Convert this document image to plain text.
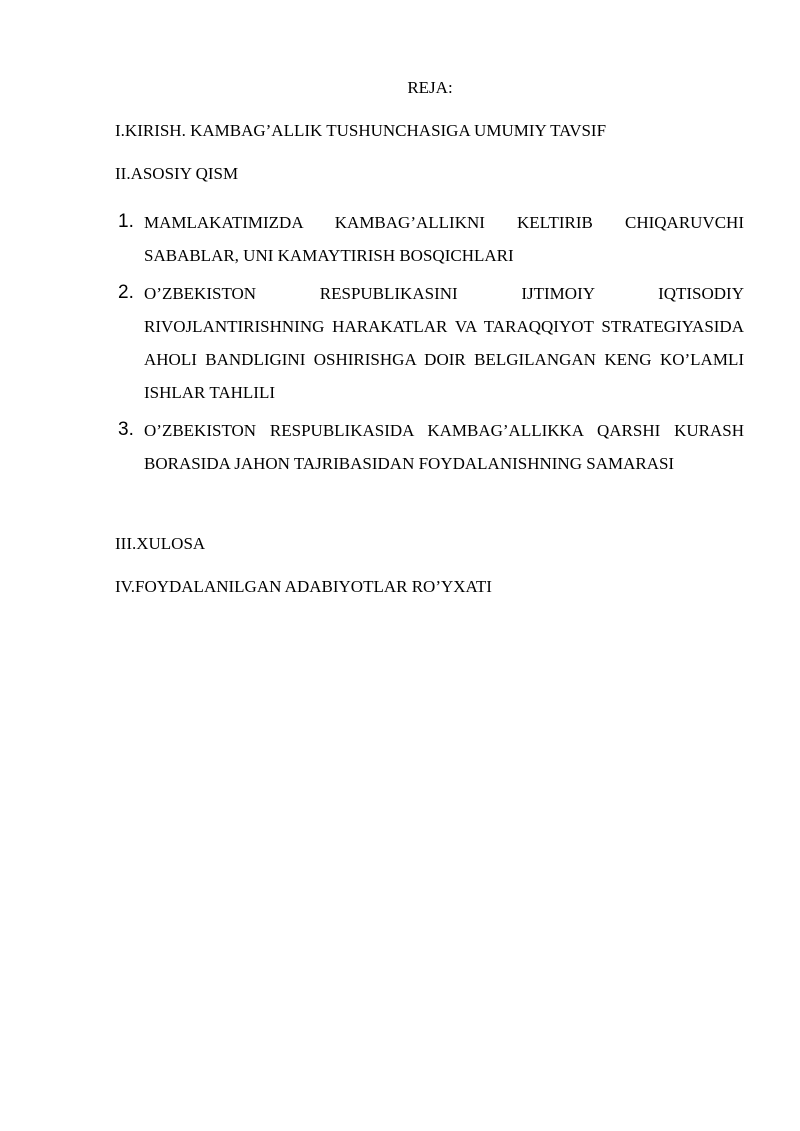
REJA:
I.KIRISH. KAMBAG’ALLIK TUSHUNCHASIGA UMUMIY TAVSIF
II.ASOSIY QISM
1. MAMLAKATIMIZDA KAMBAG’ALLIKNI KELTIRIB CHIQARUVCHI SABABLAR, UNI KAMAYTIRISH BOSQICHLARI
2. O’ZBEKISTON RESPUBLIKASINI IJTIMOIY IQTISODIY RIVOJLANTIRISHNING HARAKATLAR VA TARAQQIYOT STRATEGIYASIDA AHOLI BANDLIGINI OSHIRISHGA DOIR BELGILANGAN KENG KO’LAMLI ISHLAR TAHLILI
3. O’ZBEKISTON RESPUBLIKASIDA KAMBAG’ALLIKKA QARSHI KURASH BORASIDA JAHON TAJRIBASIDAN FOYDALANISHNING SAMARASI
III.XULOSA
IV.FOYDALANILGAN ADABIYOTLAR RO’YXATI
